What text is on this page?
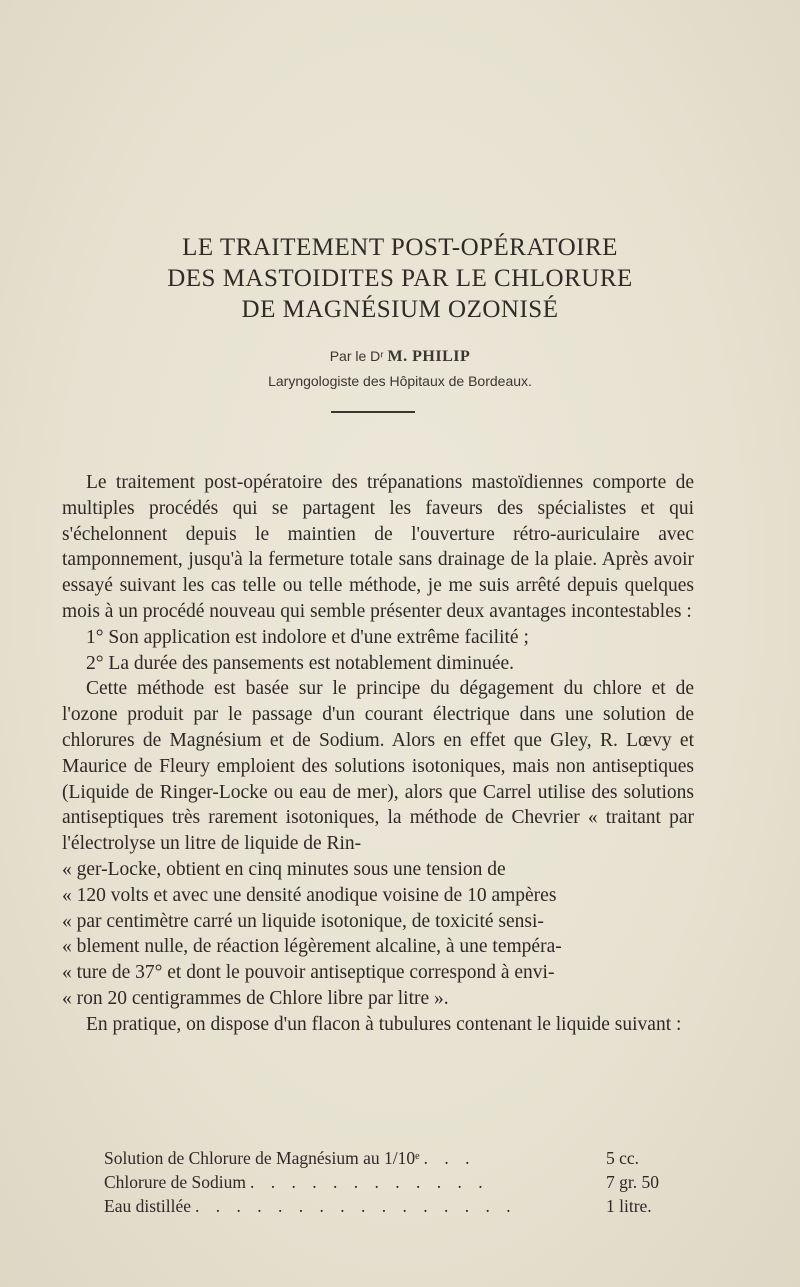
LE TRAITEMENT POST-OPÉRATOIRE
DES MASTOIDITES PAR LE CHLORURE
DE MAGNÉSIUM OZONISÉ
Par le Dʳ M. PHILIP
Laryngologiste des Hôpitaux de Bordeaux.

Le traitement post-opératoire des trépanations mastoïdiennes comporte de multiples procédés qui se partagent les faveurs des spécialistes et qui s'échelonnent depuis le maintien de l'ouverture rétro-auriculaire avec tamponnement, jusqu'à la fermeture totale sans drainage de la plaie. Après avoir essayé suivant les cas telle ou telle méthode, je me suis arrêté depuis quelques mois à un procédé nouveau qui semble présenter deux avantages incontestables :

1° Son application est indolore et d'une extrême facilité ;

2° La durée des pansements est notablement diminuée.

Cette méthode est basée sur le principe du dégagement du chlore et de l'ozone produit par le passage d'un courant électrique dans une solution de chlorures de Magnésium et de Sodium. Alors en effet que Gley, R. Lœvy et Maurice de Fleury emploient des solutions isotoniques, mais non antiseptiques (Liquide de Ringer-Locke ou eau de mer), alors que Carrel utilise des solutions antiseptiques très rarement isotoniques, la méthode de Chevrier « traitant par l'électrolyse un litre de liquide de Rin-

« ger-Locke, obtient en cinq minutes sous une tension de

« 120 volts et avec une densité anodique voisine de 10 ampères

« par centimètre carré un liquide isotonique, de toxicité sensi-

« blement nulle, de réaction légèrement alcaline, à une tempéra-

« ture de 37° et dont le pouvoir antiseptique correspond à envi-

« ron 20 centigrammes de Chlore libre par litre ».

En pratique, on dispose d'un flacon à tubulures contenant le liquide suivant :

Solution de Chlorure de Magnésium au 1/10ᵉ . . .	5 cc.
Chlorure de Sodium . . . . . . . . . . . .	7 gr. 50
Eau distillée . . . . . . . . . . . . . . . .	1 litre.
